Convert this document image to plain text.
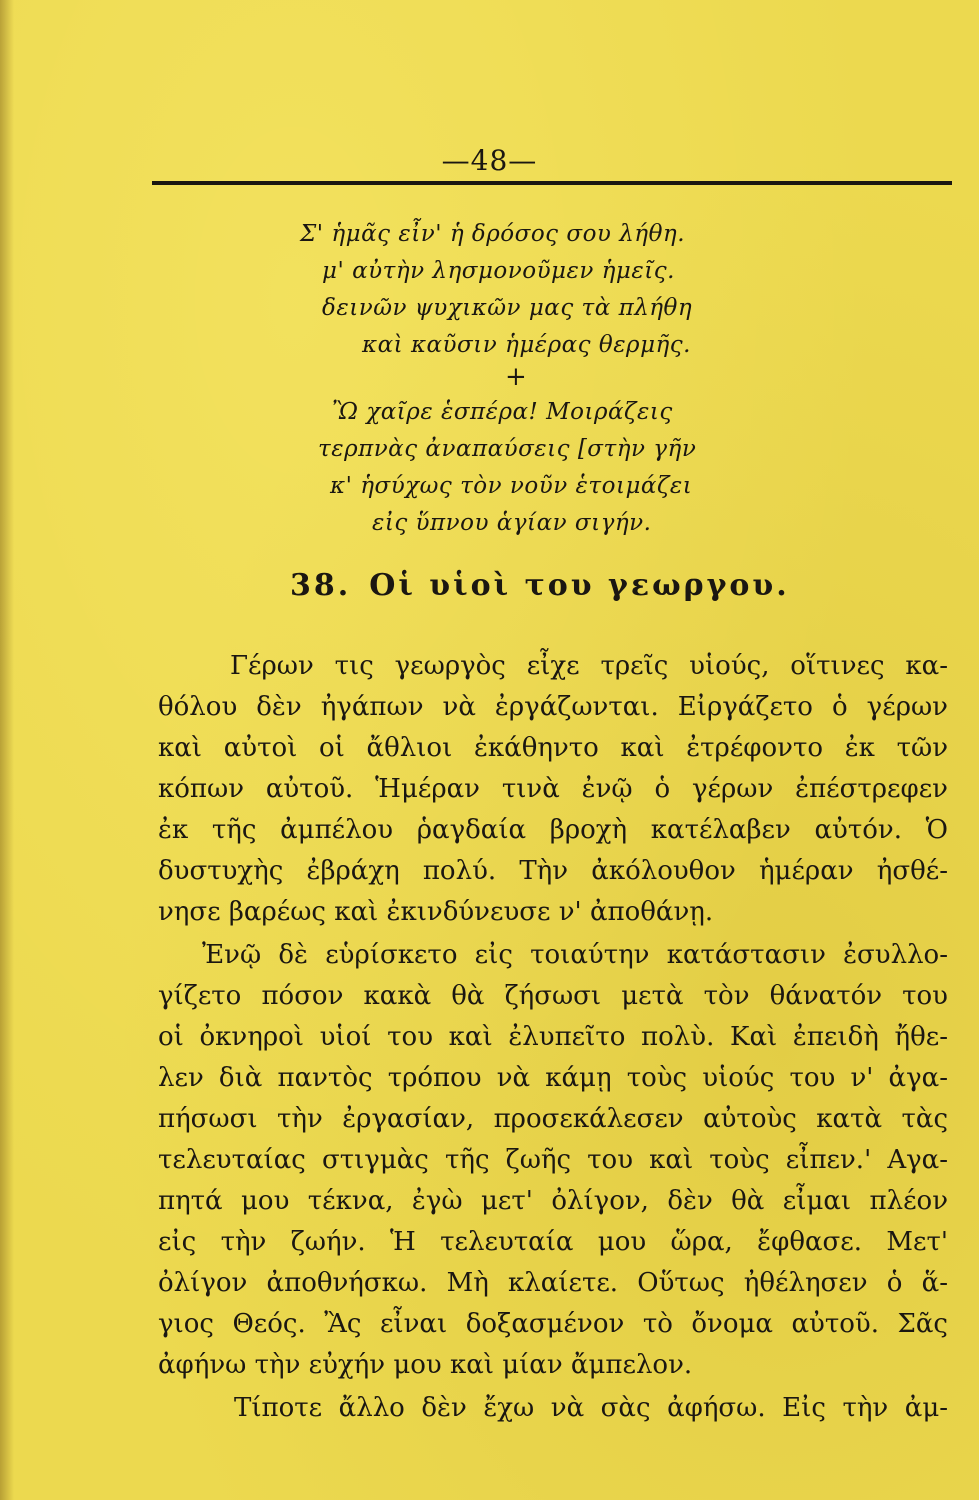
—48—
Σ' ἡμᾶς εἶν' ἡ δρόσος σου λήθη.
μ' αὐτὴν λησμονοῦμεν ἡμεῖς.
δεινῶν ψυχικῶν μας τὰ πλήθη
καὶ καῦσιν ἡμέρας θερμῆς.
+
Ὢ χαῖρε ἑσπέρα! Μοιράζεις
τερπνὰς ἀναπαύσεις [στὴν γῆν
κ' ἡσύχως τὸν νοῦν ἑτοιμάζει
εἰς ὕπνου ἁγίαν σιγήν.
38. Οἱ υἱοὶ του γεωργου.

Γέρων τις γεωργὸς εἶχε τρεῖς υἱούς, οἵτινες κα-
θόλου δὲν ἠγάπων νὰ ἐργάζωνται. Εἰργάζετο ὁ γέρων
καὶ αὐτοὶ οἱ ἄθλιοι ἐκάθηντο καὶ ἐτρέφοντο ἐκ τῶν
κόπων αὐτοῦ. Ἡμέραν τινὰ ἐνῷ ὁ γέρων ἐπέστρεφεν
ἐκ τῆς ἀμπέλου ῥαγδαία βροχὴ κατέλαβεν αὐτόν. Ὁ
δυστυχὴς ἐβράχη πολύ. Τὴν ἀκόλουθον ἡμέραν ἠσθέ-
νησε βαρέως καὶ ἐκινδύνευσε ν' ἀποθάνῃ.

Ἐνῷ δὲ εὑρίσκετο εἰς τοιαύτην κατάστασιν ἐσυλλο-
γίζετο πόσον κακὰ θὰ ζήσωσι μετὰ τὸν θάνατόν του
οἱ ὀκνηροὶ υἱοί του καὶ ἐλυπεῖτο πολὺ. Καὶ ἐπειδὴ ἤθε-
λεν διὰ παντὸς τρόπου νὰ κάμῃ τοὺς υἱούς του ν' ἀγα-
πήσωσι τὴν ἐργασίαν, προσεκάλεσεν αὐτοὺς κατὰ τὰς
τελευταίας στιγμὰς τῆς ζωῆς του καὶ τοὺς εἶπεν.' Αγα-
πητά μου τέκνα, ἐγὼ μετ' ὀλίγον, δὲν θὰ εἶμαι πλέον
εἰς τὴν ζωήν. Ἡ τελευταία μου ὥρα, ἔφθασε. Μετ'
ὀλίγον ἀποθνήσκω. Μὴ κλαίετε. Οὕτως ἠθέλησεν ὁ ἅ-
γιος Θεός. Ἂς εἶναι δοξασμένον τὸ ὄνομα αὐτοῦ. Σᾶς
ἀφήνω τὴν εὐχήν μου καὶ μίαν ἄμπελον.

Τίποτε ἄλλο δὲν ἔχω νὰ σὰς ἀφήσω. Εἰς τὴν ἀμ-
